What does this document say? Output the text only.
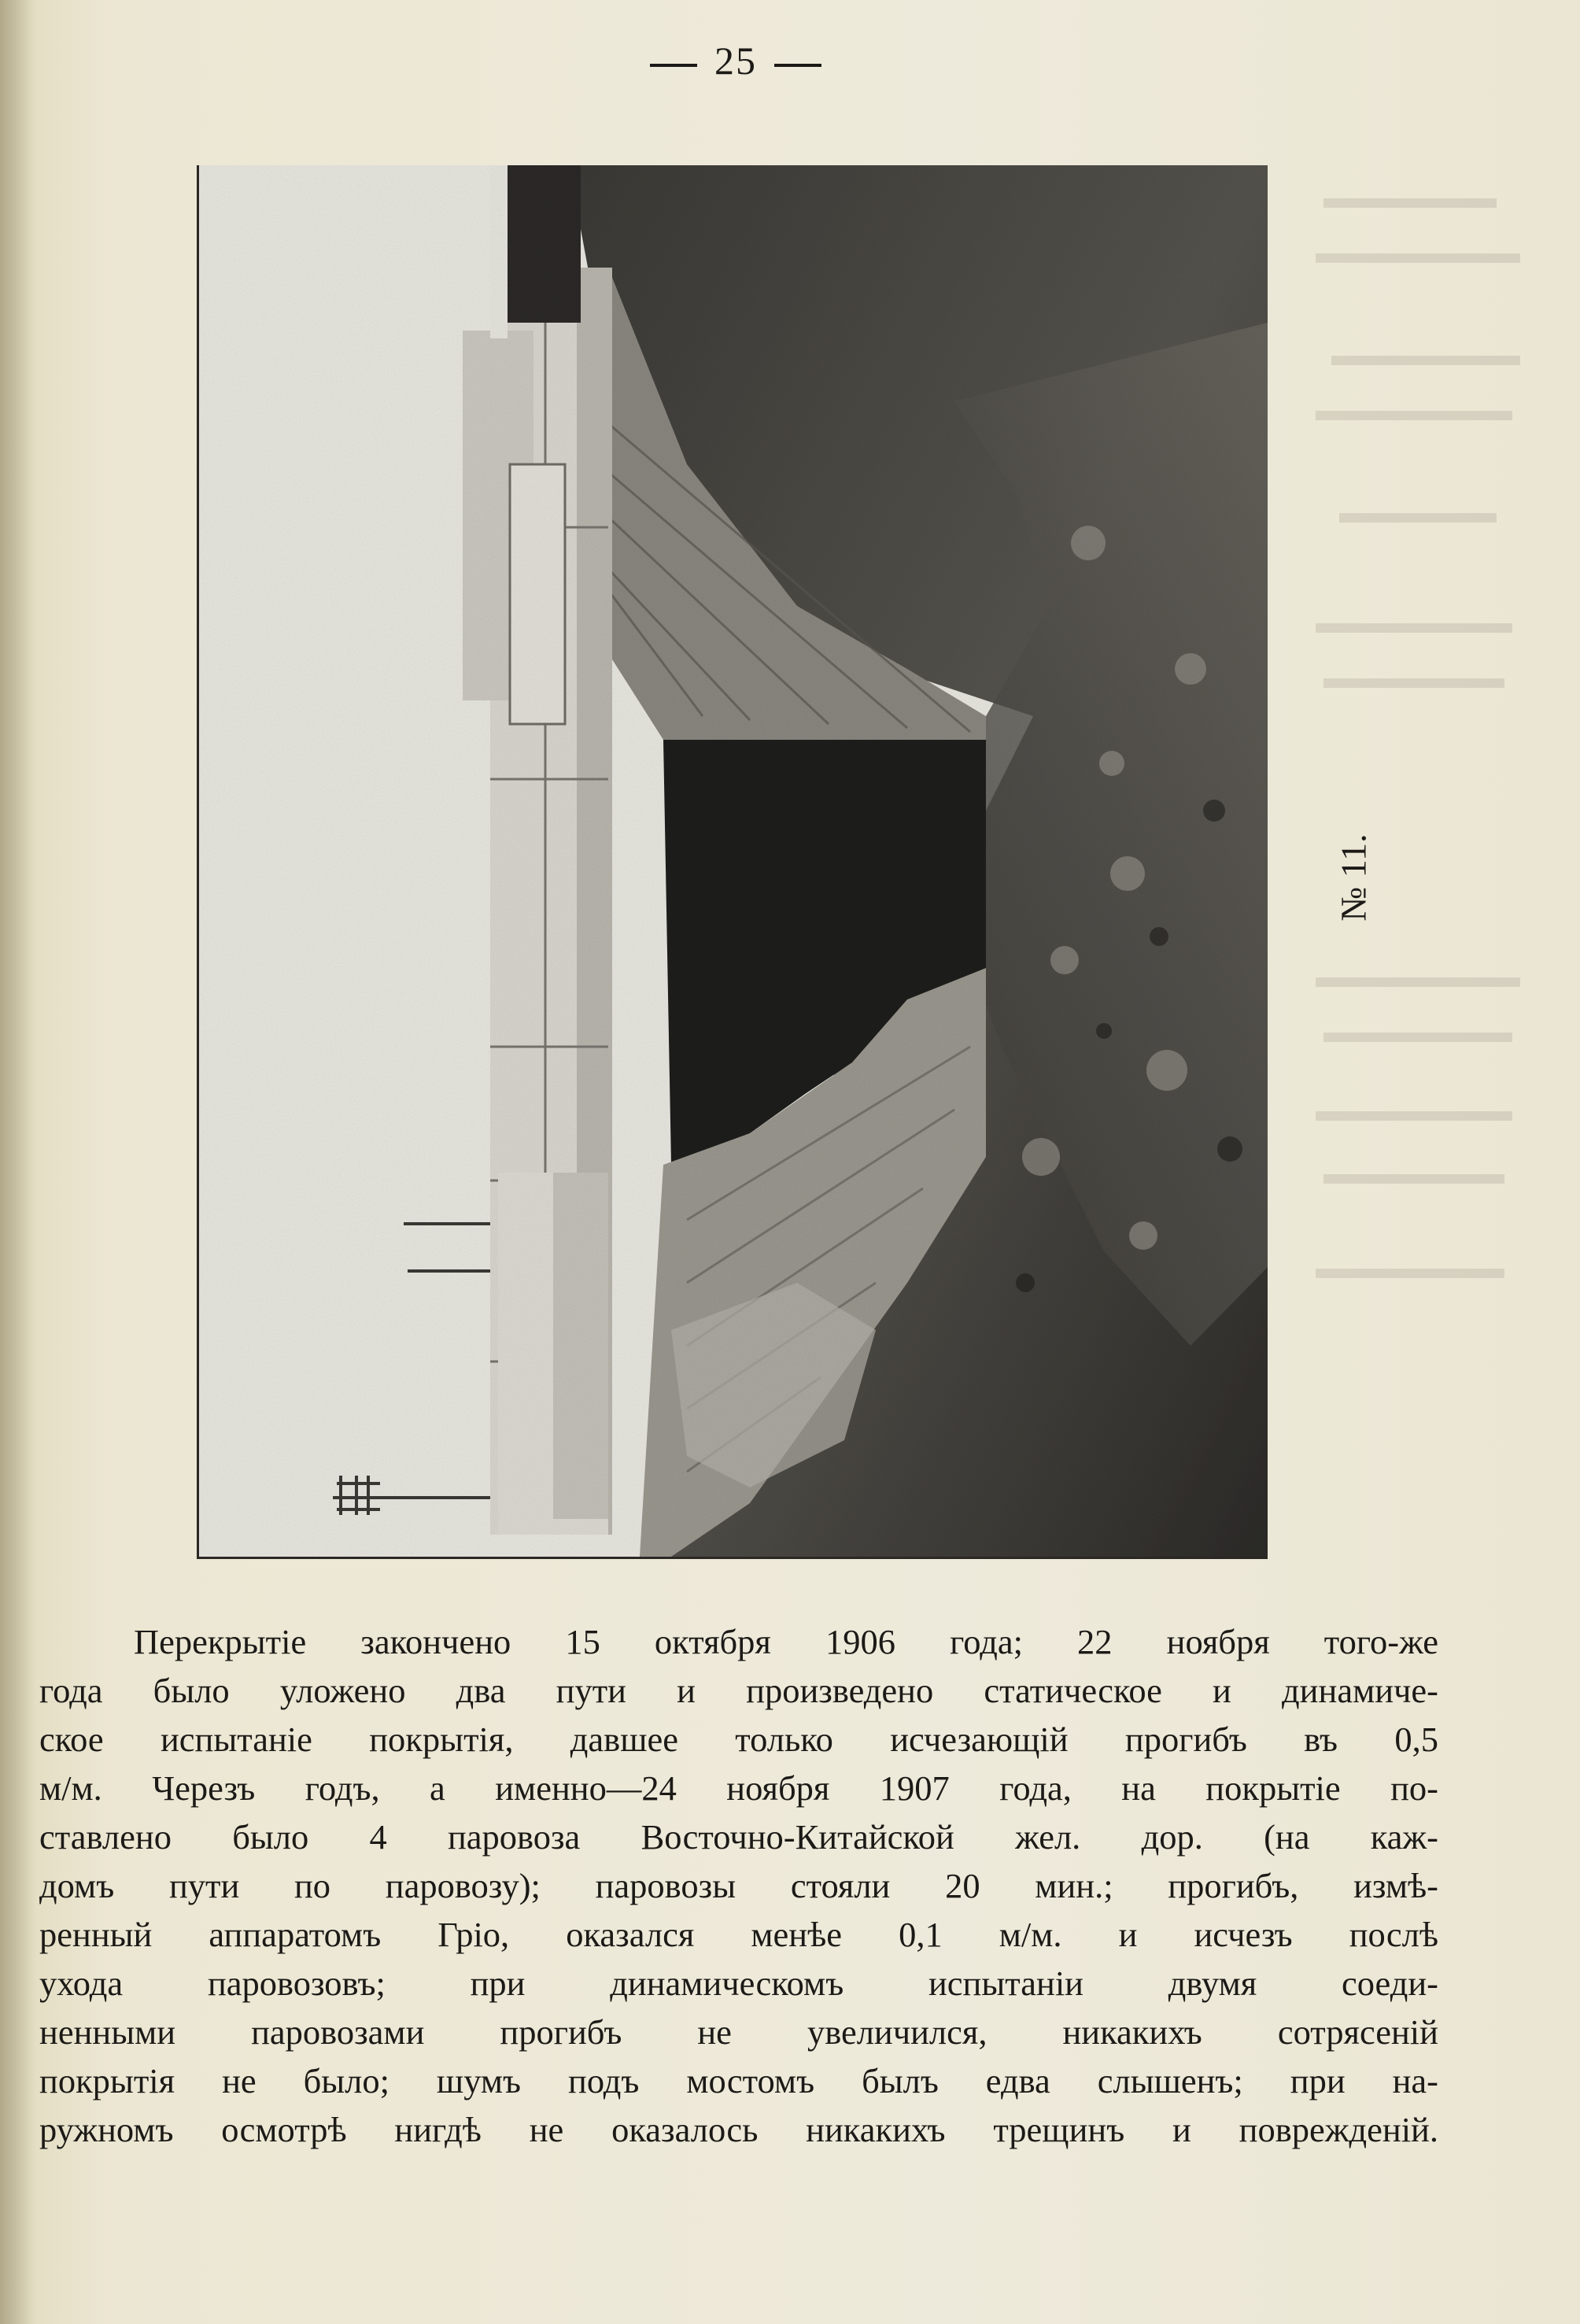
25
№ 11.

Перекрытіе закончено 15 октября 1906 года; 22 ноября того-же

года было уложено два пути и произведено статическое и динамиче-

ское испытаніе покрытія, давшее только исчезающій прогибъ въ 0,5

м/м. Черезъ годъ, а именно—24 ноября 1907 года, на покрытіе по-

ставлено было 4 паровоза Восточно-Китайской жел. дор. (на каж-

домъ пути по паровозу); паровозы стояли 20 мин.; прогибъ, измѣ-

ренный аппаратомъ Гріо, оказался менѣе 0,1 м/м. и исчезъ послѣ

ухода паровозовъ; при динамическомъ испытаніи двумя соеди-

ненными паровозами прогибъ не увеличился, никакихъ сотрясеній

покрытія не было; шумъ подъ мостомъ былъ едва слышенъ; при на-

ружномъ осмотрѣ нигдѣ не оказалось никакихъ трещинъ и поврежденій.
